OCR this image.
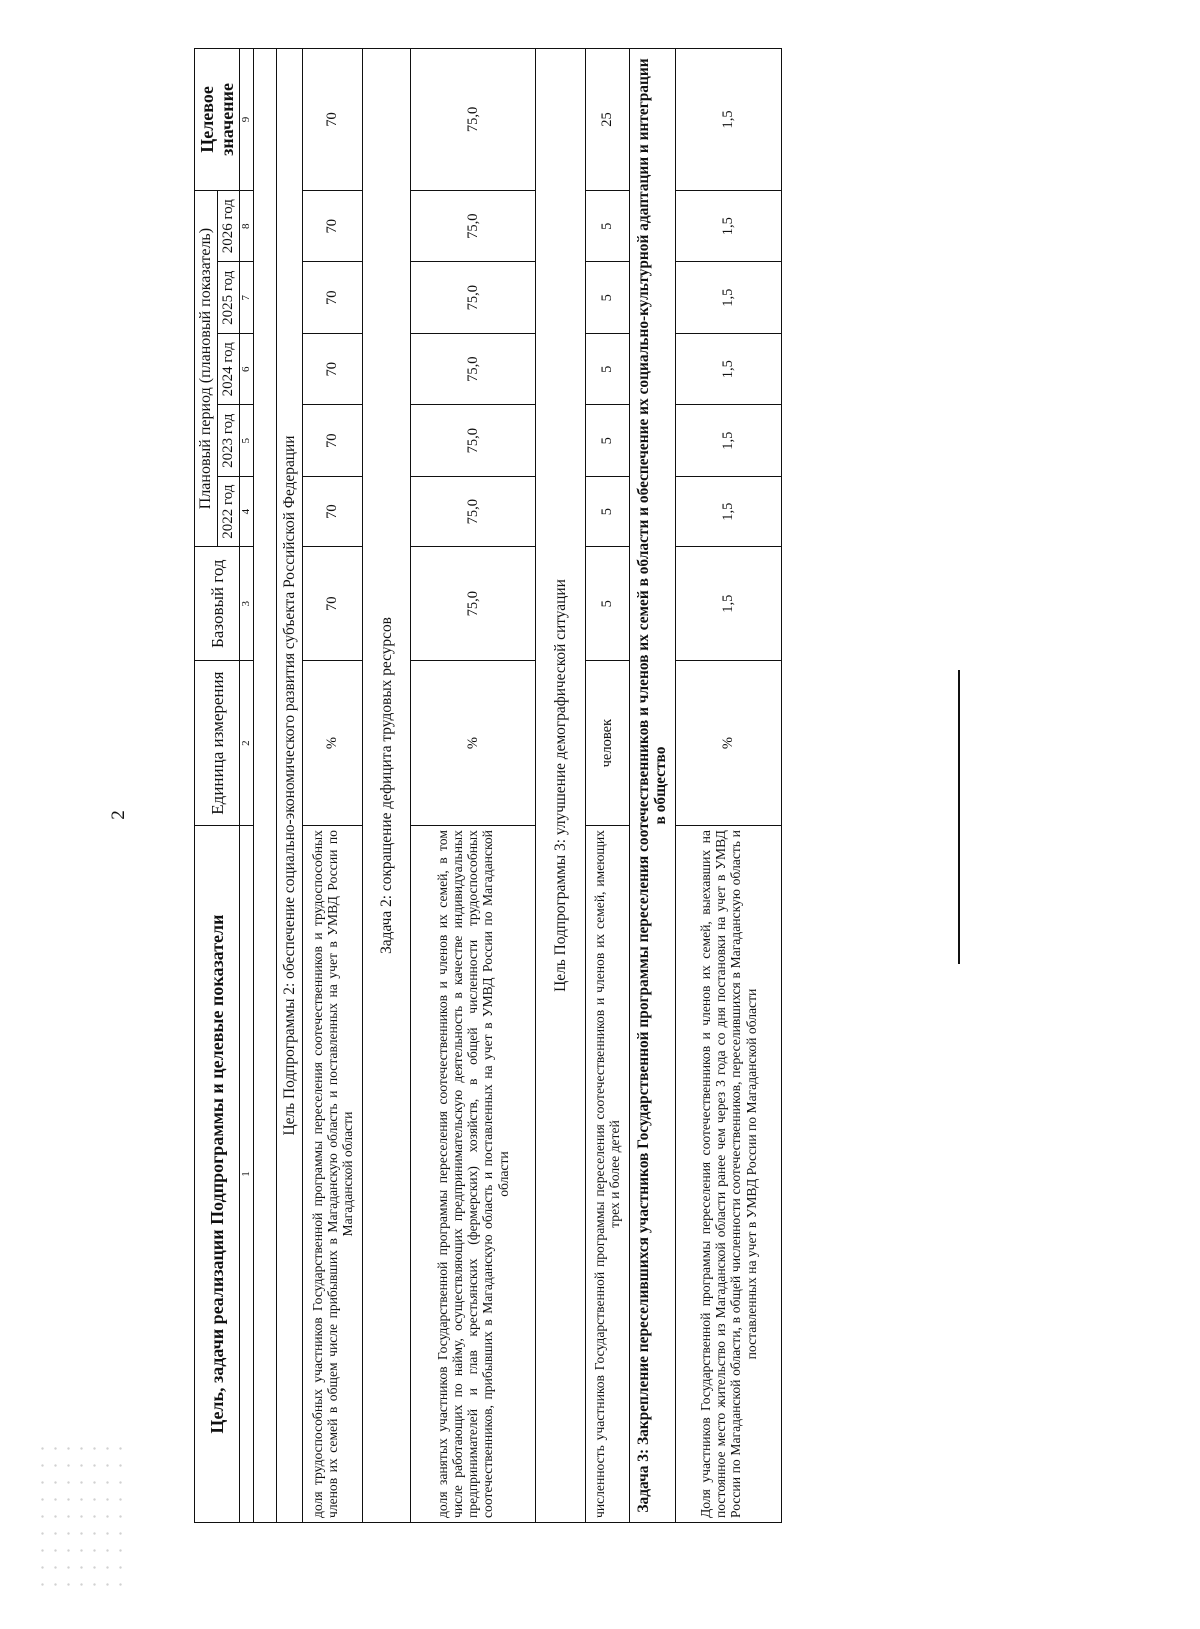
2
Цель, задачи реализации Подпрограммы и целевые показатели	Единица измерения	Базовый год	Плановый период (плановый показатель)					Целевое значение
			2022 год	2023 год	2024 год	2025 год	2026 год	
1	2	3	4	5	6	7	8	9

Цель Подпрограммы 2: обеспечение социально-экономического развития субъекта Российской Федерации								
доля трудоспособных участников Государственной программы переселения соотечественников и трудоспособных членов их семей в общем числе прибывших в Магаданскую область и поставленных на учет в УМВД России по Магаданской области	%	70	70	70	70	70	70	70
Задача 2: сокращение дефицита трудовых ресурсов								
доля занятых участников Государственной программы переселения соотечественников и членов их семей, в том числе работающих по найму, осуществляющих предпринимательскую деятельность в качестве индивидуальных предпринимателей и глав крестьянских (фермерских) хозяйств, в общей численности трудоспособных соотечественников, прибывших в Магаданскую область и поставленных на учет в УМВД России по Магаданской области	%	75,0	75,0	75,0	75,0	75,0	75,0	75,0
Цель Подпрограммы 3: улучшение демографической ситуации								
численность участников Государственной программы переселения соотечественников и членов их семей, имеющих трех и более детей	человек	5	5	5	5	5	5	25
Задача 3: Закрепление переселившихся участников Государственной программы переселения соотечественников и членов их семей в области и обеспечение их социально-культурной адаптации и интеграции в общество								
Доля участников Государственной программы переселения соотечественников и членов их семей, выехавших на постоянное место жительство из Магаданской области ранее чем через 3 года со дня постановки на учет в УМВД России по Магаданской области, в общей численности соотечественников, переселившихся в Магаданскую область и поставленных на учет в УМВД России по Магаданской области	%	1,5	1,5	1,5	1,5	1,5	1,5	1,5
